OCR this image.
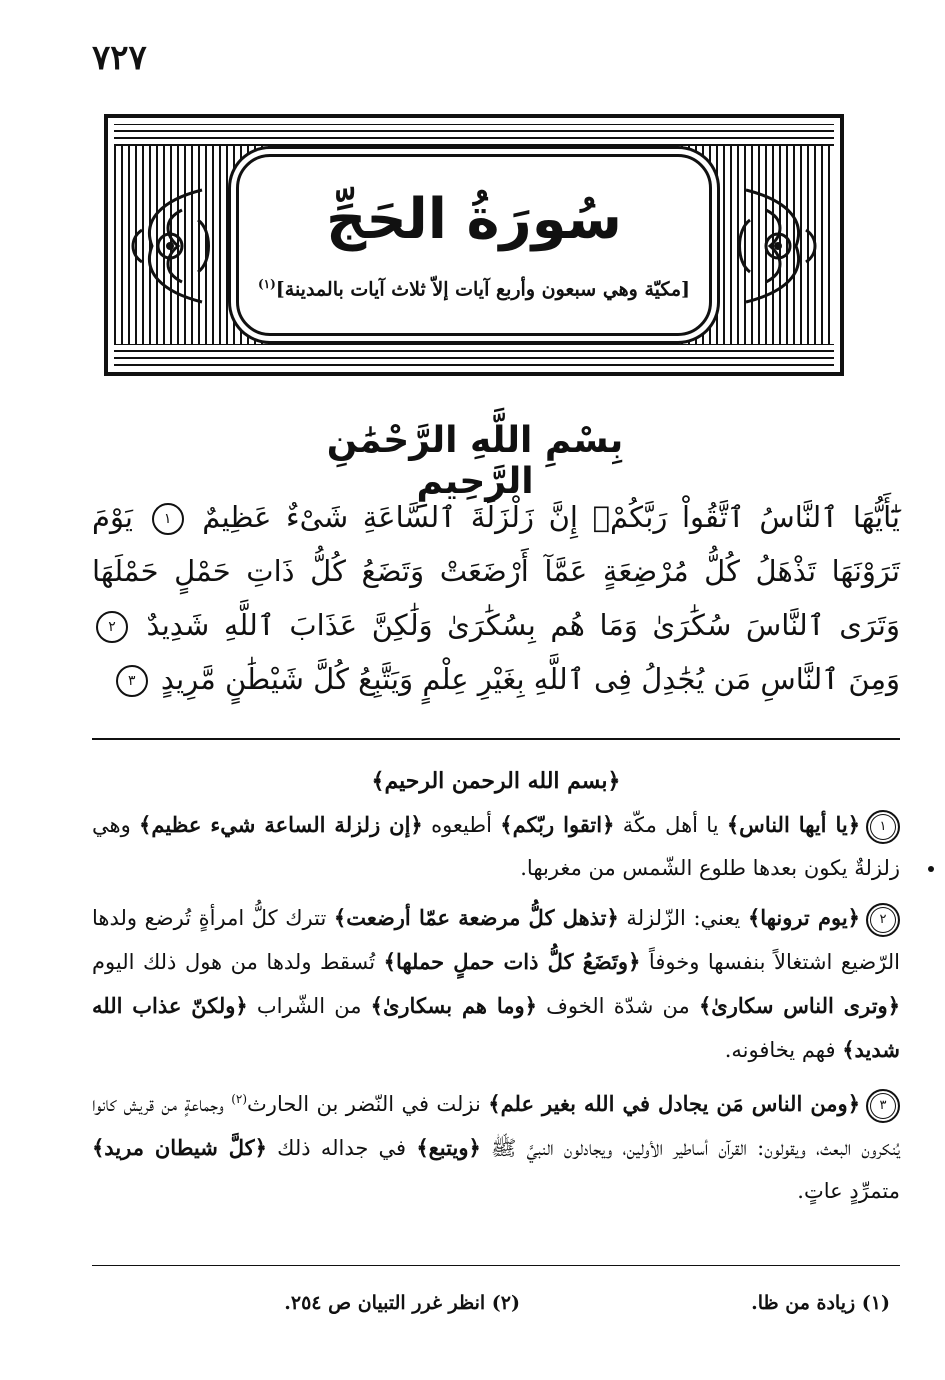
٧٢٧
سُورَةُ الحَجِّ
[مكيّة وهي سبعون وأربع آيات إلاّ ثلاث آيات بالمدينة]$^{(١)}$
بِسْمِ اللَّهِ الرَّحْمَٰنِ الرَّحِيمِ
يَٰٓأَيُّهَا ٱلنَّاسُ ٱتَّقُواْ رَبَّكُمْۚ إِنَّ زَلْزَلَةَ ٱلسَّاعَةِ شَىْءٌ عَظِيمٌ ١ يَوْمَ تَرَوْنَهَا تَذْهَلُ كُلُّ مُرْضِعَةٍ عَمَّآ أَرْضَعَتْ وَتَضَعُ كُلُّ ذَاتِ حَمْلٍ حَمْلَهَا وَتَرَى ٱلنَّاسَ سُكَٰرَىٰ وَمَا هُم بِسُكَٰرَىٰ وَلَٰكِنَّ عَذَابَ ٱللَّهِ شَدِيدٌ ٢ وَمِنَ ٱلنَّاسِ مَن يُجَٰدِلُ فِى ٱللَّهِ بِغَيْرِ عِلْمٍ وَيَتَّبِعُ كُلَّ شَيْطَٰنٍ مَّرِيدٍ ٣
﴿بسم الله الرحمن الرحيم﴾
١﴿يا أيها الناس﴾ يا أهل مكّة ﴿اتقوا ربّكم﴾ أطيعوه ﴿إن زلزلة الساعة شيء عظيم﴾ وهي زلزلةٌ يكون بعدها طلوع الشّمس من مغربها.
٢﴿يوم ترونها﴾ يعني: الزّلزلة ﴿تذهل كلُّ مرضعة عمّا أرضعت﴾ تترك كلُّ امرأةٍ تُرضع ولدها الرّضيع اشتغالاً بنفسها وخوفاً ﴿وتَضَعُ كلُّ ذات حملٍ حملها﴾ تُسقط ولدها من هول ذلك اليوم ﴿وترى الناس سكارىٰ﴾ من شدّة الخوف ﴿وما هم بسكارىٰ﴾ من الشّراب ﴿ولكنّ عذاب الله شديد﴾ فهم يخافونه.
٣﴿ومن الناس مَن يجادل في الله بغير علم﴾ نزلت في النّضر بن الحارث$^{(٢)}$ وجماعةٍ من قريش كانوا يُنكرون البعث، ويقولون: القرآن أساطير الأولين، ويجادلون النبيَّ ﷺ ﴿ويتبع﴾ في جداله ذلك ﴿كلَّ شيطان مريد﴾ متمرِّدٍ عاتٍ.
(١) زيادة من ظا.
(٢) انظر غرر التبيان ص ٢٥٤.
